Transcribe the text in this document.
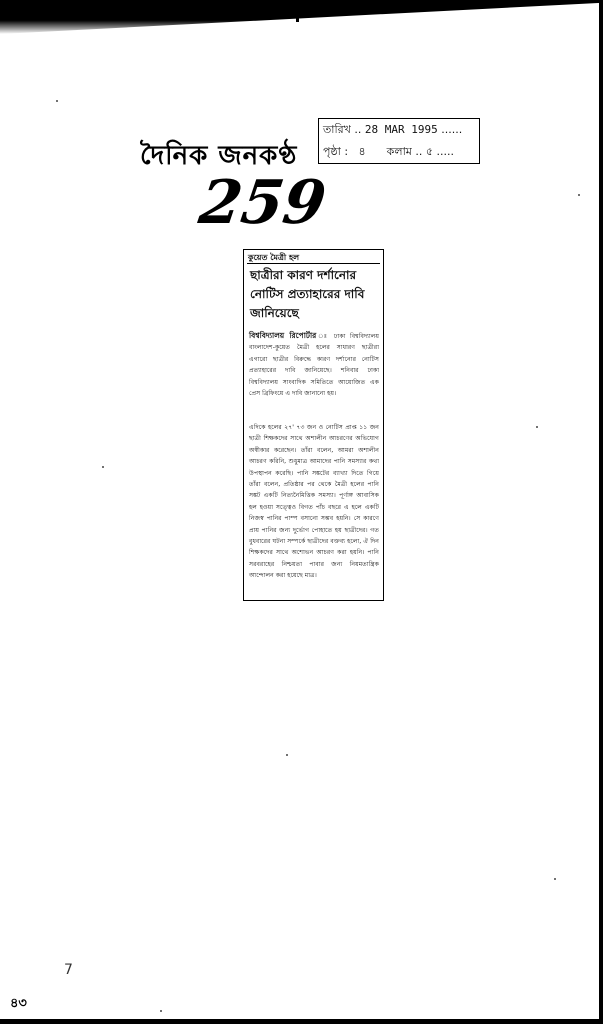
দৈনিক জনকণ্ঠ
259
তারিখ .. 28 MAR 1995 ......
পৃষ্ঠা :   ৪ কলাম .. ৫ .....
কুয়েত মৈত্রী হল
ছাত্রীরা কারণ দর্শানোর নোটিস প্রত্যাহারের দাবি জানিয়েছে
বিশ্ববিদ্যালয় রিপোর্টার ঃ ঢাকা বিশ্ববিদ্যালয় বাংলাদেশ-কুয়েত মৈত্রী হলের সাধারণ ছাত্রীরা এগারো ছাত্রীর বিরুদ্ধে কারণ দর্শানোর নোটিস প্রত্যাহারের দাবি জানিয়েছে। শনিবার ঢাকা বিশ্ববিদ্যালয় সাংবাদিক সমিতিতে আয়োজিত এক প্রেস ব্রিফিংয়ে এ দাবি জানানো হয়।
এদিকে হলের ২৭' ৭৩ জন ও নোটিস প্রাপ্ত ১১ জন ছাত্রী শিক্ষকদের সাথে অশালীন আচরণের অভিযোগ অস্বীকার করেছেন। তাঁরা বলেন, আমরা অশালীন আচরণ করিনি, শুধুমাত্র আমাদের পানি সমস্যার কথা উপস্থাপন করেছি। পানি সঙ্কটের ব্যাখ্যা দিতে গিয়ে তাঁরা বলেন, প্রতিষ্ঠার পর থেকে মৈত্রী হলের পানি সঙ্কট একটি নিত্যনৈমিত্তিক সমস্যা। পূর্ণাঙ্গ আবাসিক হল হওয়া সত্ত্বেও বিগত পাঁচ বছরে এ হলে একটি নিজস্ব পানির পাম্প বসানো সম্ভব হয়নি। সে কারণে প্রায় পানির জন্য দুর্ভোগ পোহাতে হয় ছাত্রীদের। গত বুধবারের ঘটনা সম্পর্কে ছাত্রীদের বক্তব্য হলো, ঐ দিন শিক্ষকদের সাথে অশোভন আচরণ করা হয়নি। পানি সরবরাহের নিশ্চয়তা পাবার জন্য নিয়মতান্ত্রিক আন্দোলন করা হয়েছে মাত্র।
7
৪৩
